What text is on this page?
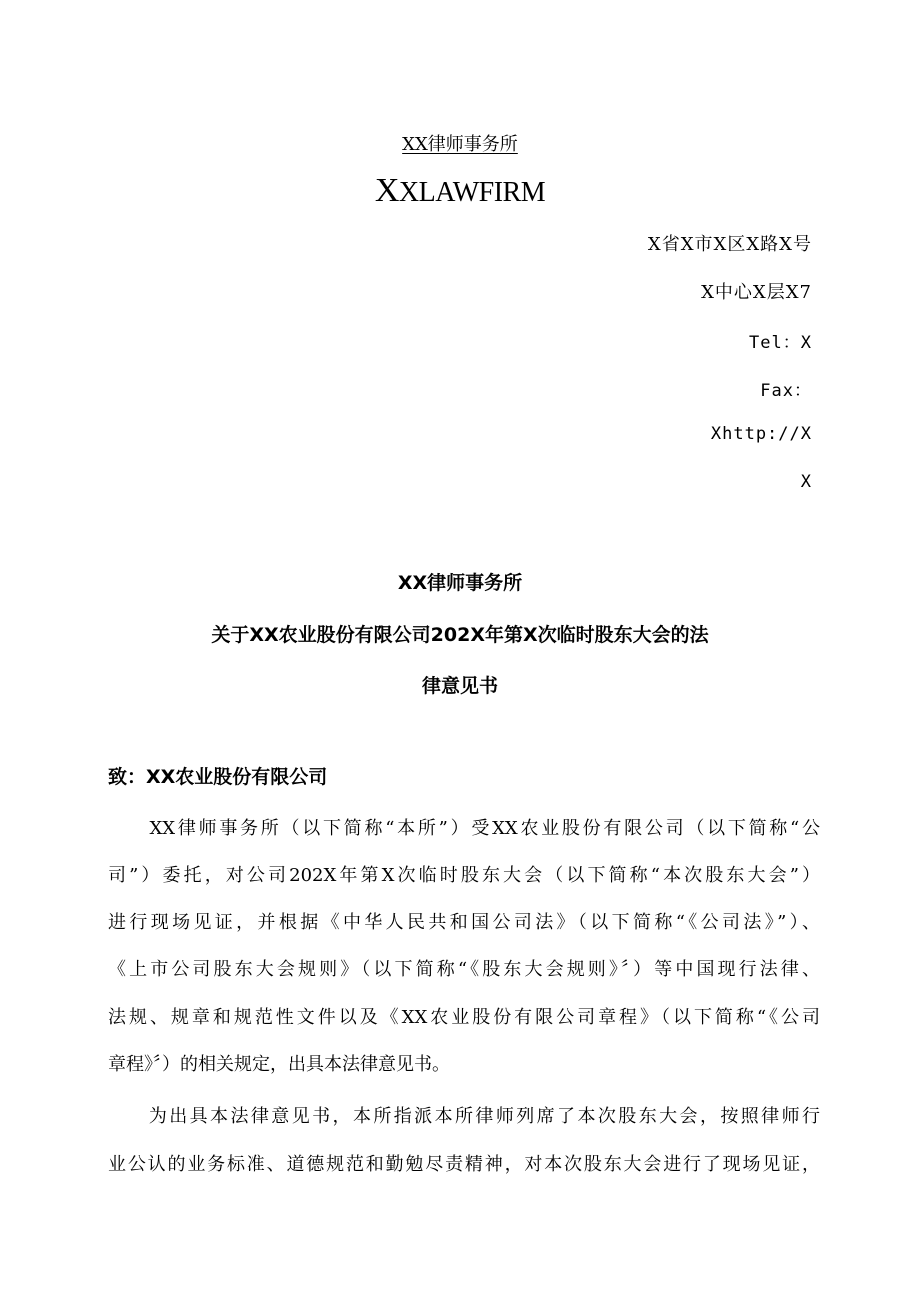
XX律师事务所
XXLAWFIRM
X省X市X区X路X号
X中心X层X7
Tel：X
Fax：
Xhttp://X
X
XX律师事务所
关于XX农业股份有限公司202X年第X次临时股东大会的法
律意见书
致：XX农业股份有限公司
　　XX律师事务所（以下简称“本所”）受XX农业股份有限公司（以下简称“公
司”）委托，对公司202X年第X次临时股东大会（以下简称“本次股东大会”）
进行现场见证，并根据《中华人民共和国公司法》（以下简称“《公司法》”）、
《上市公司股东大会规则》（以下简称“《股东大会规则》〞）等中国现行法律、
法规、规章和规范性文件以及《XX农业股份有限公司章程》（以下简称“《公司
章程》〞）的相关规定，出具本法律意见书。
　　为出具本法律意见书，本所指派本所律师列席了本次股东大会，按照律师行
业公认的业务标准、道德规范和勤勉尽责精神，对本次股东大会进行了现场见证，
